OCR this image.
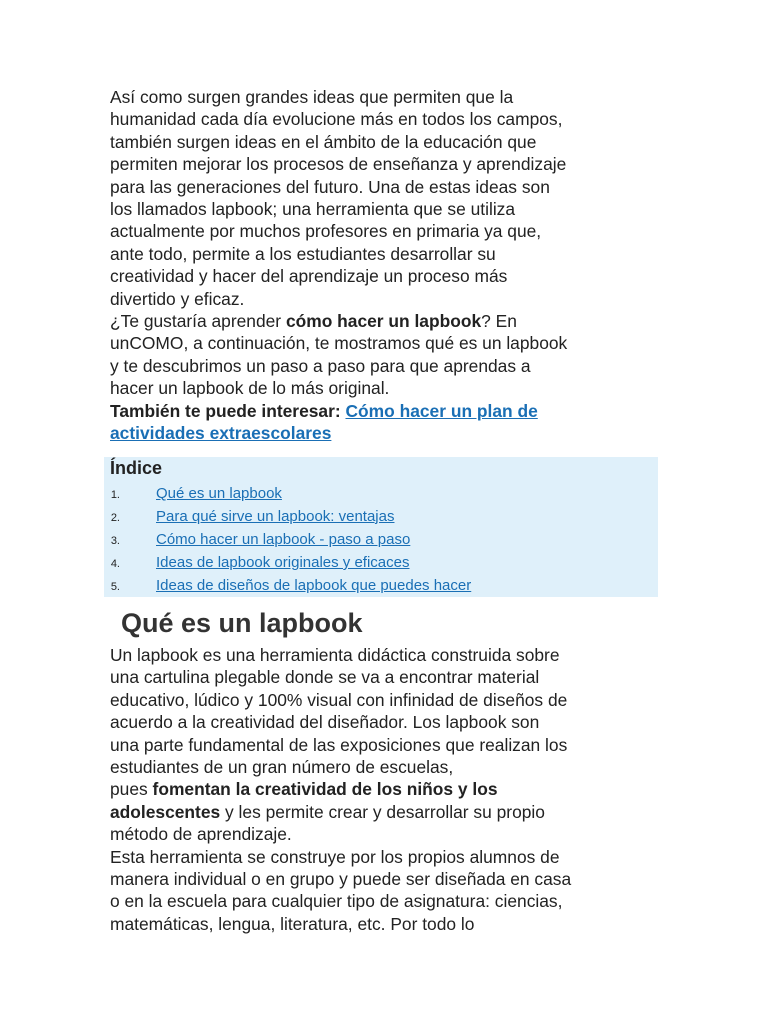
Así como surgen grandes ideas que permiten que la
humanidad cada día evolucione más en todos los campos,
también surgen ideas en el ámbito de la educación que
permiten mejorar los procesos de enseñanza y aprendizaje
para las generaciones del futuro. Una de estas ideas son
los llamados lapbook; una herramienta que se utiliza
actualmente por muchos profesores en primaria ya que,
ante todo, permite a los estudiantes desarrollar su
creatividad y hacer del aprendizaje un proceso más
divertido y eficaz.

¿Te gustaría aprender cómo hacer un lapbook? En
unCOMO, a continuación, te mostramos qué es un lapbook
y te descubrimos un paso a paso para que aprendas a
hacer un lapbook de lo más original.

También te puede interesar: Cómo hacer un plan de
actividades extraescolares

Índice
1. Qué es un lapbook
2. Para qué sirve un lapbook: ventajas
3. Cómo hacer un lapbook - paso a paso
4. Ideas de lapbook originales y eficaces
5. Ideas de diseños de lapbook que puedes hacer
Qué es un lapbook

Un lapbook es una herramienta didáctica construida sobre
una cartulina plegable donde se va a encontrar material
educativo, lúdico y 100% visual con infinidad de diseños de
acuerdo a la creatividad del diseñador. Los lapbook son
una parte fundamental de las exposiciones que realizan los
estudiantes de un gran número de escuelas,
pues fomentan la creatividad de los niños y los
adolescentes y les permite crear y desarrollar su propio
método de aprendizaje.

Esta herramienta se construye por los propios alumnos de
manera individual o en grupo y puede ser diseñada en casa
o en la escuela para cualquier tipo de asignatura: ciencias,
matemáticas, lengua, literatura, etc. Por todo lo
